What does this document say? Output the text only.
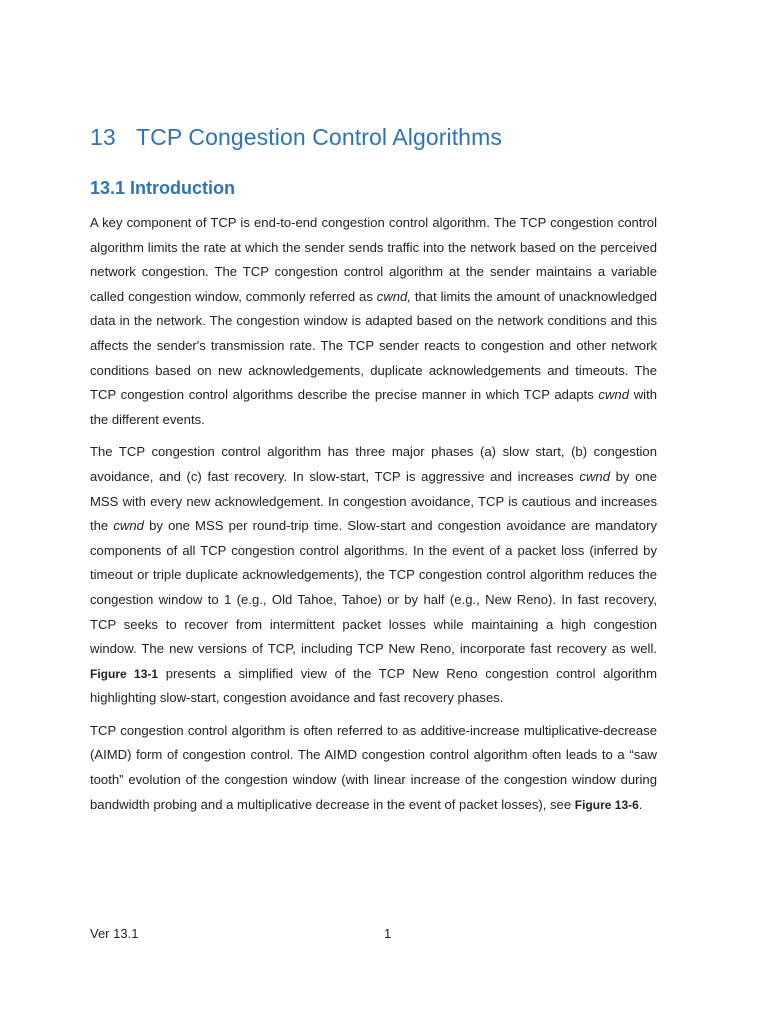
13 TCP Congestion Control Algorithms
13.1 Introduction

A key component of TCP is end-to-end congestion control algorithm. The TCP congestion control algorithm limits the rate at which the sender sends traffic into the network based on the perceived network congestion. The TCP congestion control algorithm at the sender maintains a variable called congestion window, commonly referred as cwnd, that limits the amount of unacknowledged data in the network. The congestion window is adapted based on the network conditions and this affects the sender's transmission rate. The TCP sender reacts to congestion and other network conditions based on new acknowledgements, duplicate acknowledgements and timeouts. The TCP congestion control algorithms describe the precise manner in which TCP adapts cwnd with the different events.

The TCP congestion control algorithm has three major phases (a) slow start, (b) congestion avoidance, and (c) fast recovery. In slow-start, TCP is aggressive and increases cwnd by one MSS with every new acknowledgement. In congestion avoidance, TCP is cautious and increases the cwnd by one MSS per round-trip time. Slow-start and congestion avoidance are mandatory components of all TCP congestion control algorithms. In the event of a packet loss (inferred by timeout or triple duplicate acknowledgements), the TCP congestion control algorithm reduces the congestion window to 1 (e.g., Old Tahoe, Tahoe) or by half (e.g., New Reno). In fast recovery, TCP seeks to recover from intermittent packet losses while maintaining a high congestion window. The new versions of TCP, including TCP New Reno, incorporate fast recovery as well. Figure 13-1 presents a simplified view of the TCP New Reno congestion control algorithm highlighting slow-start, congestion avoidance and fast recovery phases.

TCP congestion control algorithm is often referred to as additive-increase multiplicative-decrease (AIMD) form of congestion control. The AIMD congestion control algorithm often leads to a “saw tooth” evolution of the congestion window (with linear increase of the congestion window during bandwidth probing and a multiplicative decrease in the event of packet losses), see Figure 13-6.

Ver 13.1	1
